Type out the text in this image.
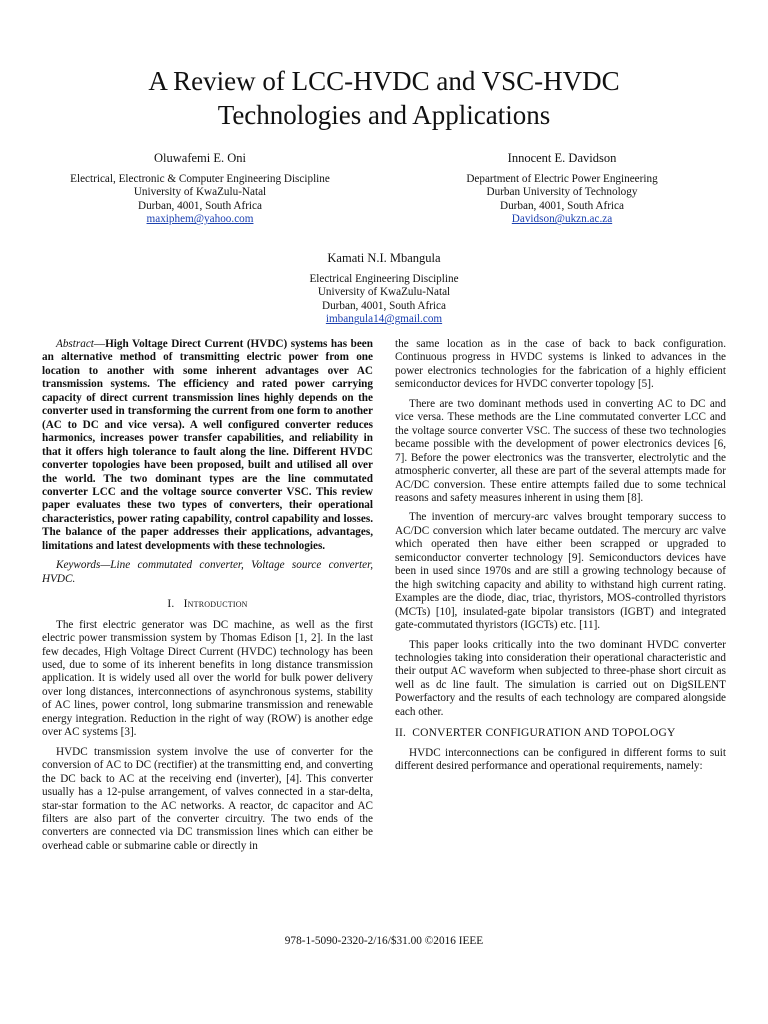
A Review of LCC-HVDC and VSC-HVDC
Technologies and Applications
Oluwafemi E. Oni
Electrical, Electronic & Computer Engineering Discipline
University of KwaZulu-Natal
Durban, 4001, South Africa
maxiphem@yahoo.com
Innocent E. Davidson
Department of Electric Power Engineering
Durban University of Technology
Durban, 4001, South Africa
Davidson@ukzn.ac.za
Kamati N.I. Mbangula
Electrical Engineering Discipline
University of KwaZulu-Natal
Durban, 4001, South Africa
imbangula14@gmail.com

Abstract—High Voltage Direct Current (HVDC) systems has been an alternative method of transmitting electric power from one location to another with some inherent advantages over AC transmission systems. The efficiency and rated power carrying capacity of direct current transmission lines highly depends on the converter used in transforming the current from one form to another (AC to DC and vice versa). A well configured converter reduces harmonics, increases power transfer capabilities, and reliability in that it offers high tolerance to fault along the line. Different HVDC converter topologies have been proposed, built and utilised all over the world. The two dominant types are the line commutated converter LCC and the voltage source converter VSC. This review paper evaluates these two types of converters, their operational characteristics, power rating capability, control capability and losses. The balance of the paper addresses their applications, advantages, limitations and latest developments with these technologies.

Keywords—Line commutated converter, Voltage source converter, HVDC.

I. Introduction

The first electric generator was DC machine, as well as the first electric power transmission system by Thomas Edison [1, 2]. In the last few decades, High Voltage Direct Current (HVDC) technology has been used, due to some of its inherent benefits in long distance transmission application. It is widely used all over the world for bulk power delivery over long distances, interconnections of asynchronous systems, stability of AC lines, power control, long submarine transmission and renewable energy integration. Reduction in the right of way (ROW) is another edge over AC systems [3].

HVDC transmission system involve the use of converter for the conversion of AC to DC (rectifier) at the transmitting end, and converting the DC back to AC at the receiving end (inverter), [4]. This converter usually has a 12-pulse arrangement, of valves connected in a star-delta, star-star formation to the AC networks. A reactor, dc capacitor and AC filters are also part of the converter circuitry. The two ends of the converters are connected via DC transmission lines which can either be overhead cable or submarine cable or directly in

the same location as in the case of back to back configuration. Continuous progress in HVDC systems is linked to advances in the power electronics technologies for the fabrication of a highly efficient semiconductor devices for HVDC converter topology [5].

There are two dominant methods used in converting AC to DC and vice versa. These methods are the Line commutated converter LCC and the voltage source converter VSC. The success of these two technologies became possible with the development of power electronics devices [6, 7]. Before the power electronics was the transverter, electrolytic and the atmospheric converter, all these are part of the several attempts made for AC/DC conversion. These entire attempts failed due to some technical reasons and safety measures inherent in using them [8].

The invention of mercury-arc valves brought temporary success to AC/DC conversion which later became outdated. The mercury arc valve which operated then have either been scrapped or upgraded to semiconductor converter technology [9]. Semiconductors devices have been in used since 1970s and are still a growing technology because of the high switching capacity and ability to withstand high current rating. Examples are the diode, diac, triac, thyristors, MOS-controlled thyristors (MCTs) [10], insulated-gate bipolar transistors (IGBT) and integrated gate-commutated thyristors (IGCTs) etc. [11].

This paper looks critically into the two dominant HVDC converter technologies taking into consideration their operational characteristic and their output AC waveform when subjected to three-phase short circuit as well as dc line fault. The simulation is carried out on DigSILENT Powerfactory and the results of each technology are compared alongside each other.

II. CONVERTER CONFIGURATION AND TOPOLOGY

HVDC interconnections can be configured in different forms to suit different desired performance and operational requirements, namely:

978-1-5090-2320-2/16/$31.00 ©2016 IEEE
